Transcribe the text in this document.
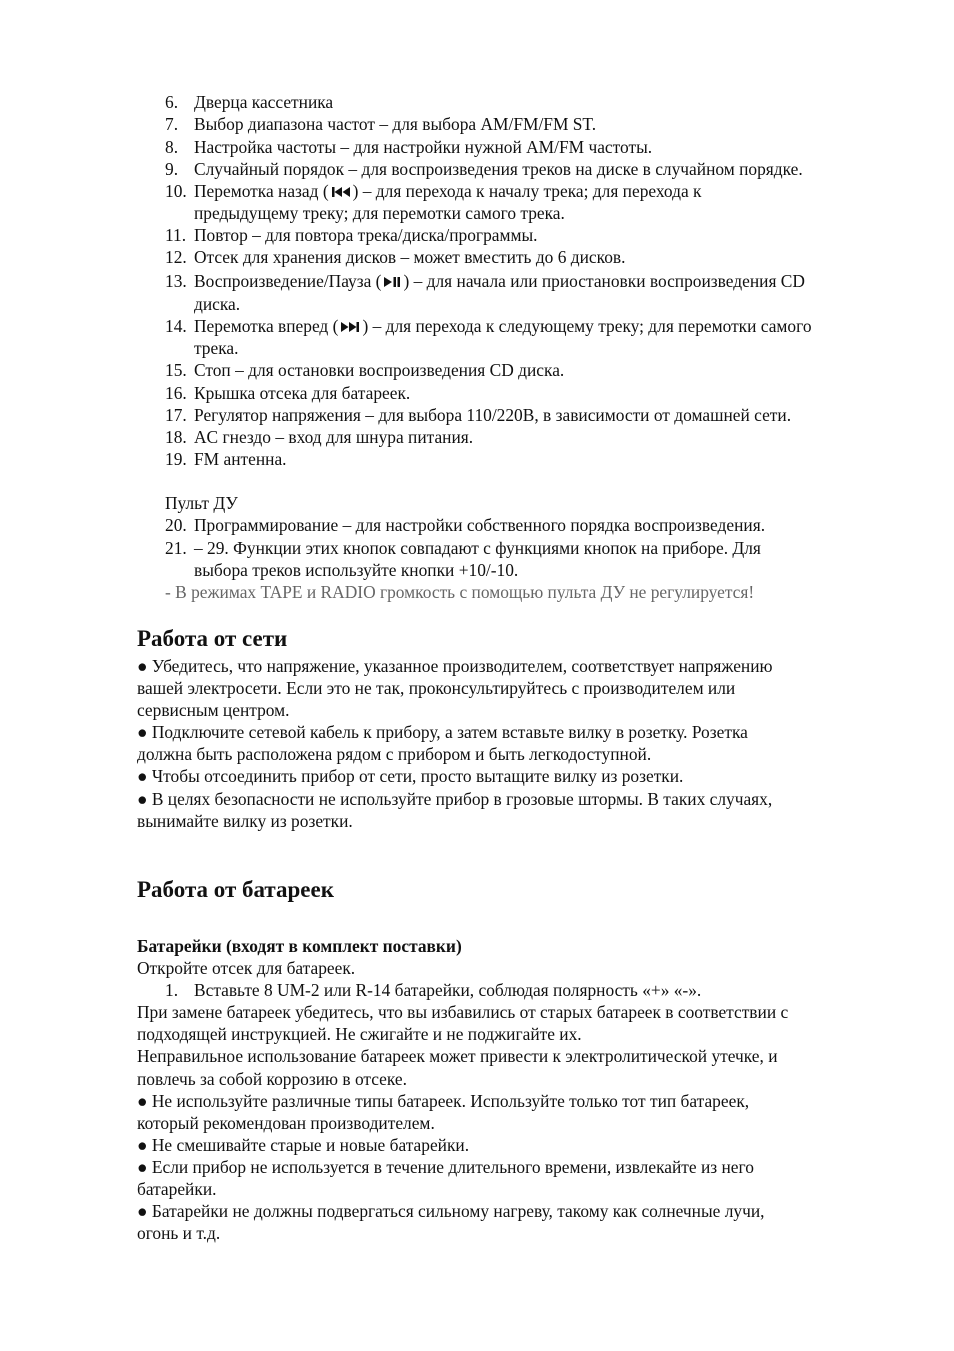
6. Дверца кассетника
7. Выбор диапазона частот – для выбора AM/FM/FM ST.
8. Настройка частоты – для настройки нужной AM/FM частоты.
9. Случайный порядок – для воспроизведения треков на диске в случайном порядке.
10. Перемотка назад ( ) – для перехода к началу трека; для перехода к
предыдущему треку; для перемотки самого трека.
11. Повтор – для повтора трека/диска/программы.
12. Отсек для хранения дисков – может вместить до 6 дисков.
13. Воспроизведение/Пауза ( ) – для начала или приостановки воспроизведения CD
диска.
14. Перемотка вперед ( ) – для перехода к следующему треку; для перемотки самого
трека.
15. Стоп – для остановки воспроизведения CD диска.
16. Крышка отсека для батареек.
17. Регулятор напряжения – для выбора 110/220В, в зависимости от домашней сети.
18. AC гнездо – вход для шнура питания.
19. FM антенна.
Пульт ДУ
20. Программирование – для настройки собственного порядка воспроизведения.
21. – 29. Функции этих кнопок совпадают с функциями кнопок на приборе. Для
выбора треков используйте кнопки +10/-10.
- В режимах TAPE и RADIO громкость с помощью пульта ДУ не регулируется!
Работа от сети
● Убедитесь, что напряжение, указанное производителем, соответствует напряжению
вашей электросети. Если это не так, проконсультируйтесь с производителем или
сервисным центром.
● Подключите сетевой кабель к прибору, а затем вставьте вилку в розетку. Розетка
должна быть расположена рядом с прибором и быть легкодоступной.
● Чтобы отсоединить прибор от сети, просто вытащите вилку из розетки.
● В целях безопасности не используйте прибор в грозовые штормы. В таких случаях,
вынимайте вилку из розетки.
Работа от батареек
Батарейки (входят в комплект поставки)
Откройте отсек для батареек.
1. Вставьте 8 UM-2 или R-14 батарейки, соблюдая полярность «+» «-».
При замене батареек убедитесь, что вы избавились от старых батареек в соответствии с
подходящей инструкцией. Не сжигайте и не поджигайте их.
Неправильное использование батареек может привести к электролитической утечке, и
повлечь за собой коррозию в отсеке.
● Не используйте различные типы батареек. Используйте только тот тип батареек,
который рекомендован производителем.
● Не смешивайте старые и новые батарейки.
● Если прибор не используется в течение длительного времени, извлекайте из него
батарейки.
● Батарейки не должны подвергаться сильному нагреву, такому как солнечные лучи,
огонь и т.д.
